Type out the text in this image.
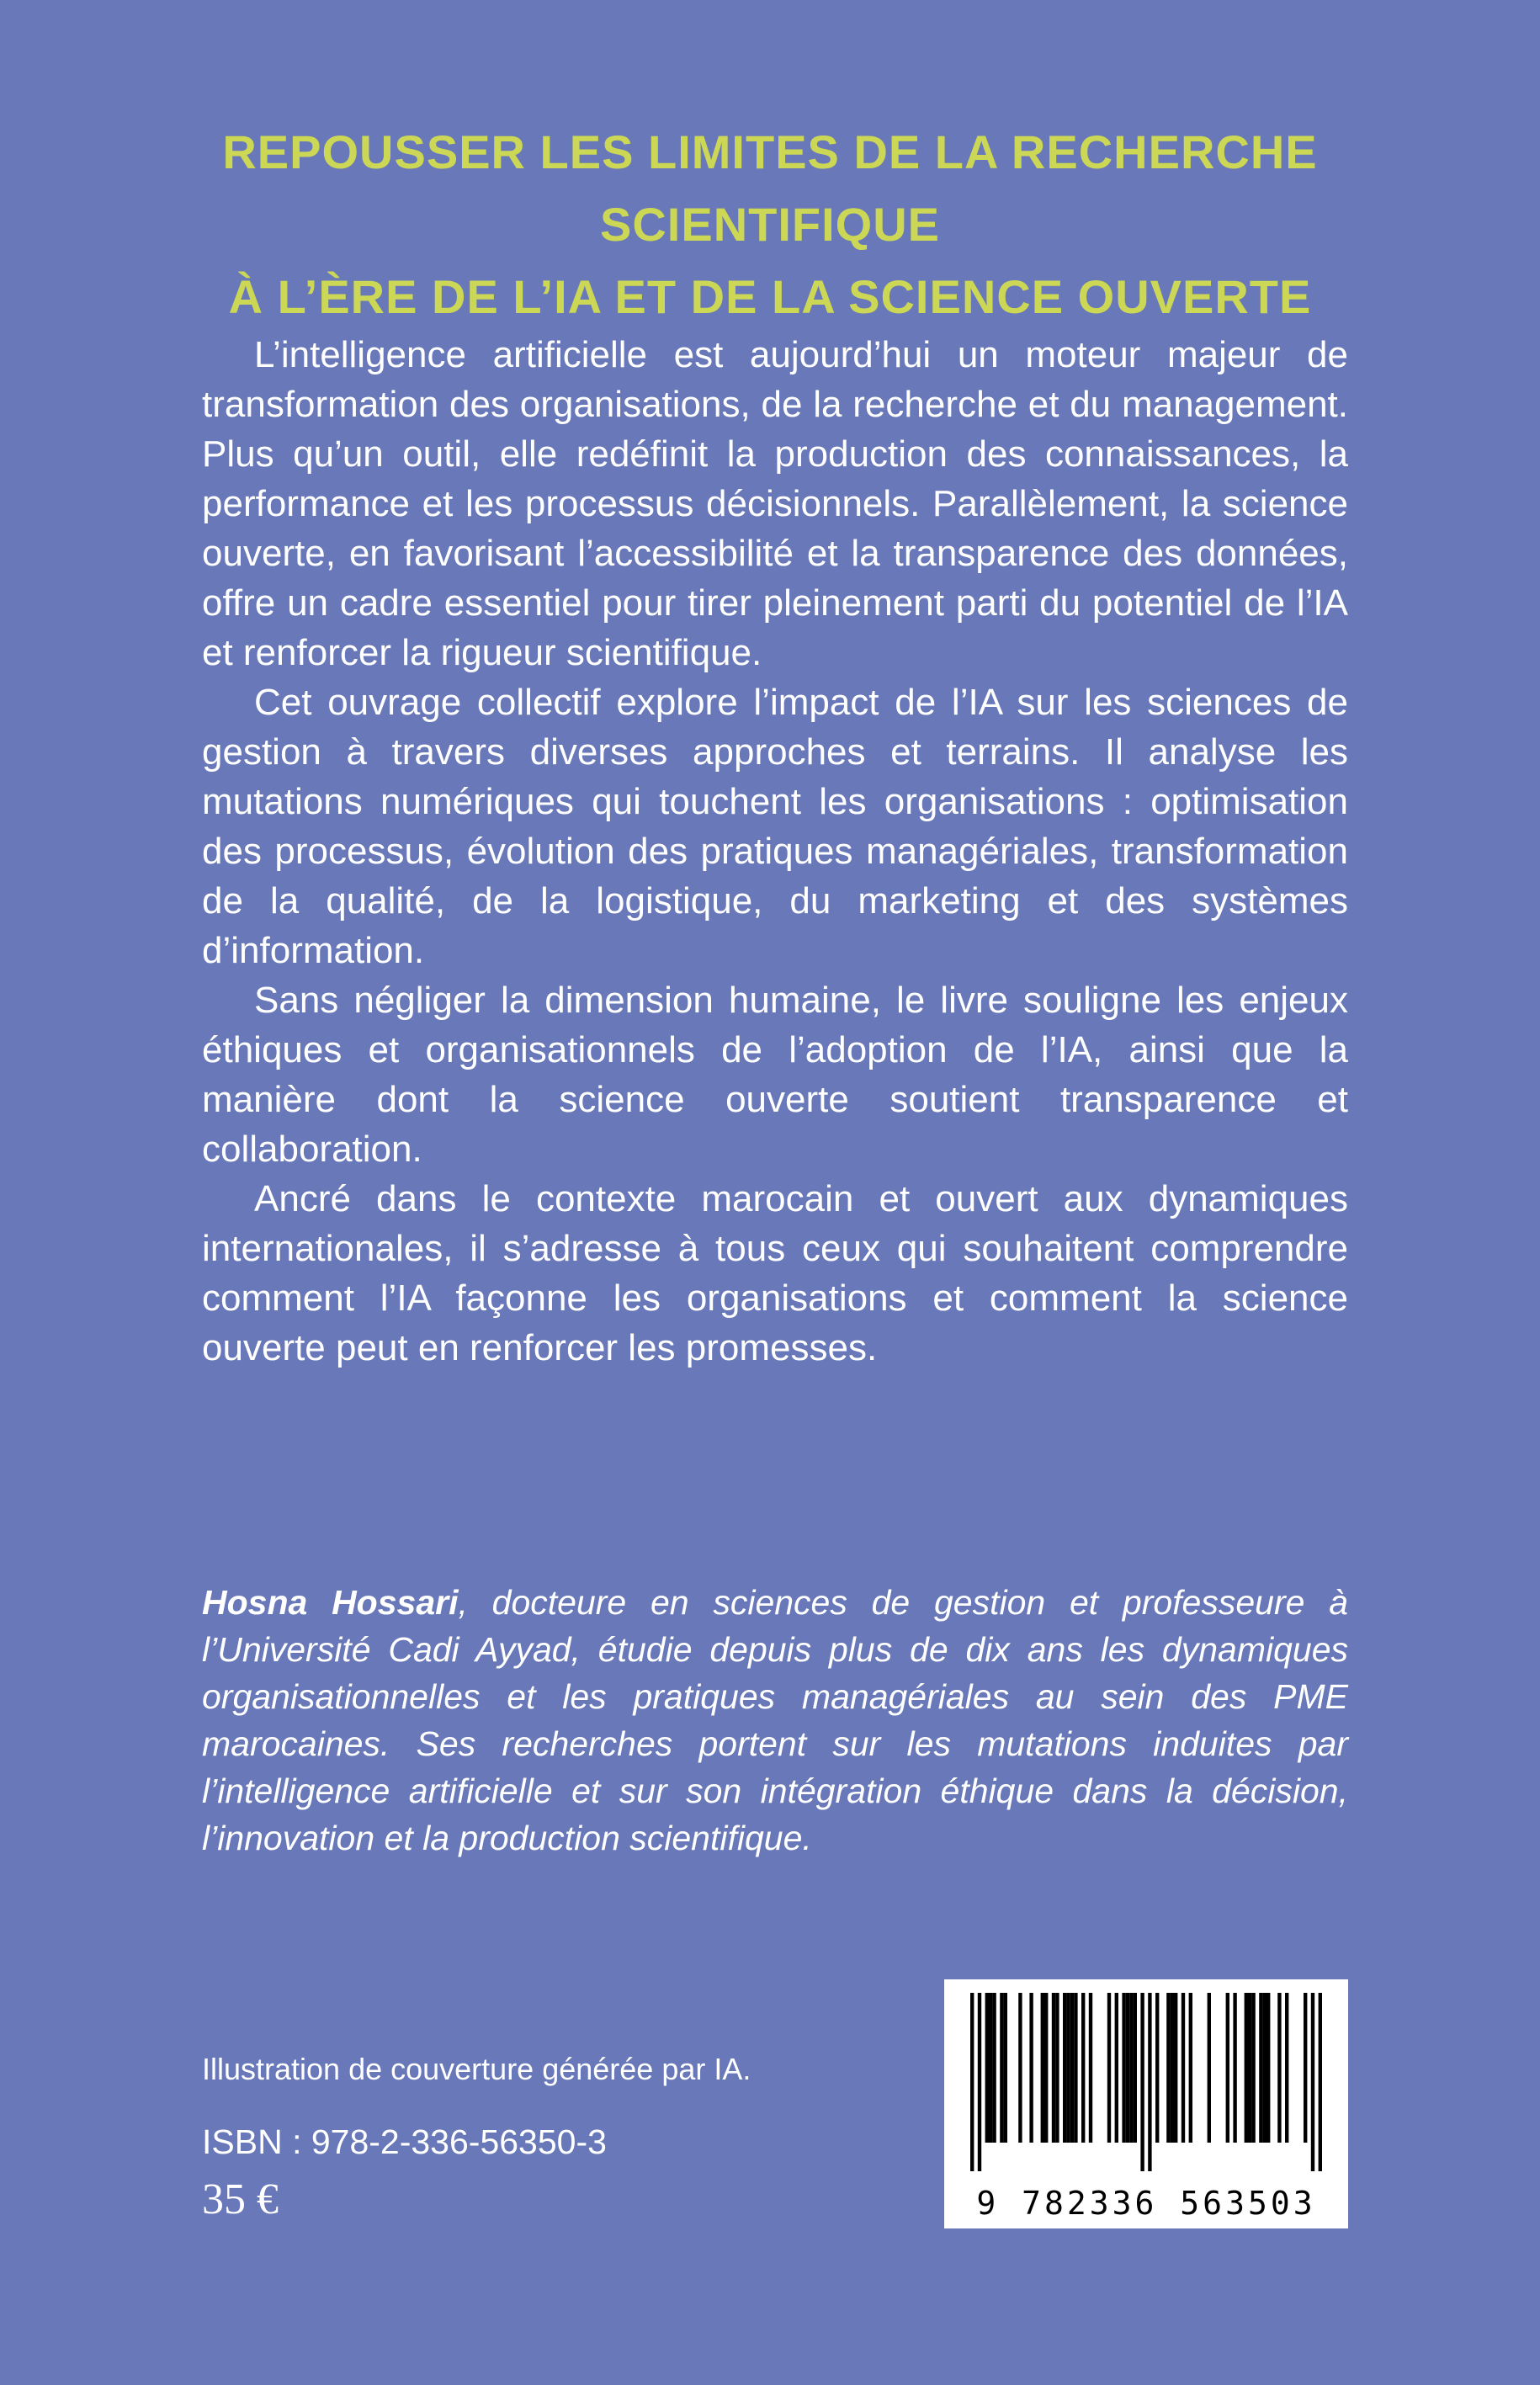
REPOUSSER LES LIMITES DE LA RECHERCHE SCIENTIFIQUE
À L’ÈRE DE L’IA ET DE LA SCIENCE OUVERTE

L’intelligence artificielle est aujourd’hui un moteur majeur de transformation des organisations, de la recherche et du management. Plus qu’un outil, elle redéfinit la production des connaissances, la performance et les processus décisionnels. Parallèlement, la science ouverte, en favorisant l’accessibilité et la transparence des données, offre un cadre essentiel pour tirer pleinement parti du potentiel de l’IA et renforcer la rigueur scientifique.

Cet ouvrage collectif explore l’impact de l’IA sur les sciences de gestion à travers diverses approches et terrains. Il analyse les mutations numériques qui touchent les organisations : optimisation des processus, évolution des pratiques managériales, transformation de la qualité, de la logistique, du marketing et des systèmes d’information.

Sans négliger la dimension humaine, le livre souligne les enjeux éthiques et organisationnels de l’adoption de l’IA, ainsi que la manière dont la science ouverte soutient transparence et collaboration.

Ancré dans le contexte marocain et ouvert aux dynamiques internationales, il s’adresse à tous ceux qui souhaitent comprendre comment l’IA façonne les organisations et comment la science ouverte peut en renforcer les promesses.

Hosna Hossari, docteure en sciences de gestion et professeure à l’Université Cadi Ayyad, étudie depuis plus de dix ans les dynamiques organisationnelles et les pratiques managériales au sein des PME marocaines. Ses recherches portent sur les mutations induites par l’intelligence artificielle et sur son intégration éthique dans la décision, l’innovation et la production scientifique.
Illustration de couverture générée par IA.
ISBN : 978-2-336-56350-3
35 €	9 782336 563503
